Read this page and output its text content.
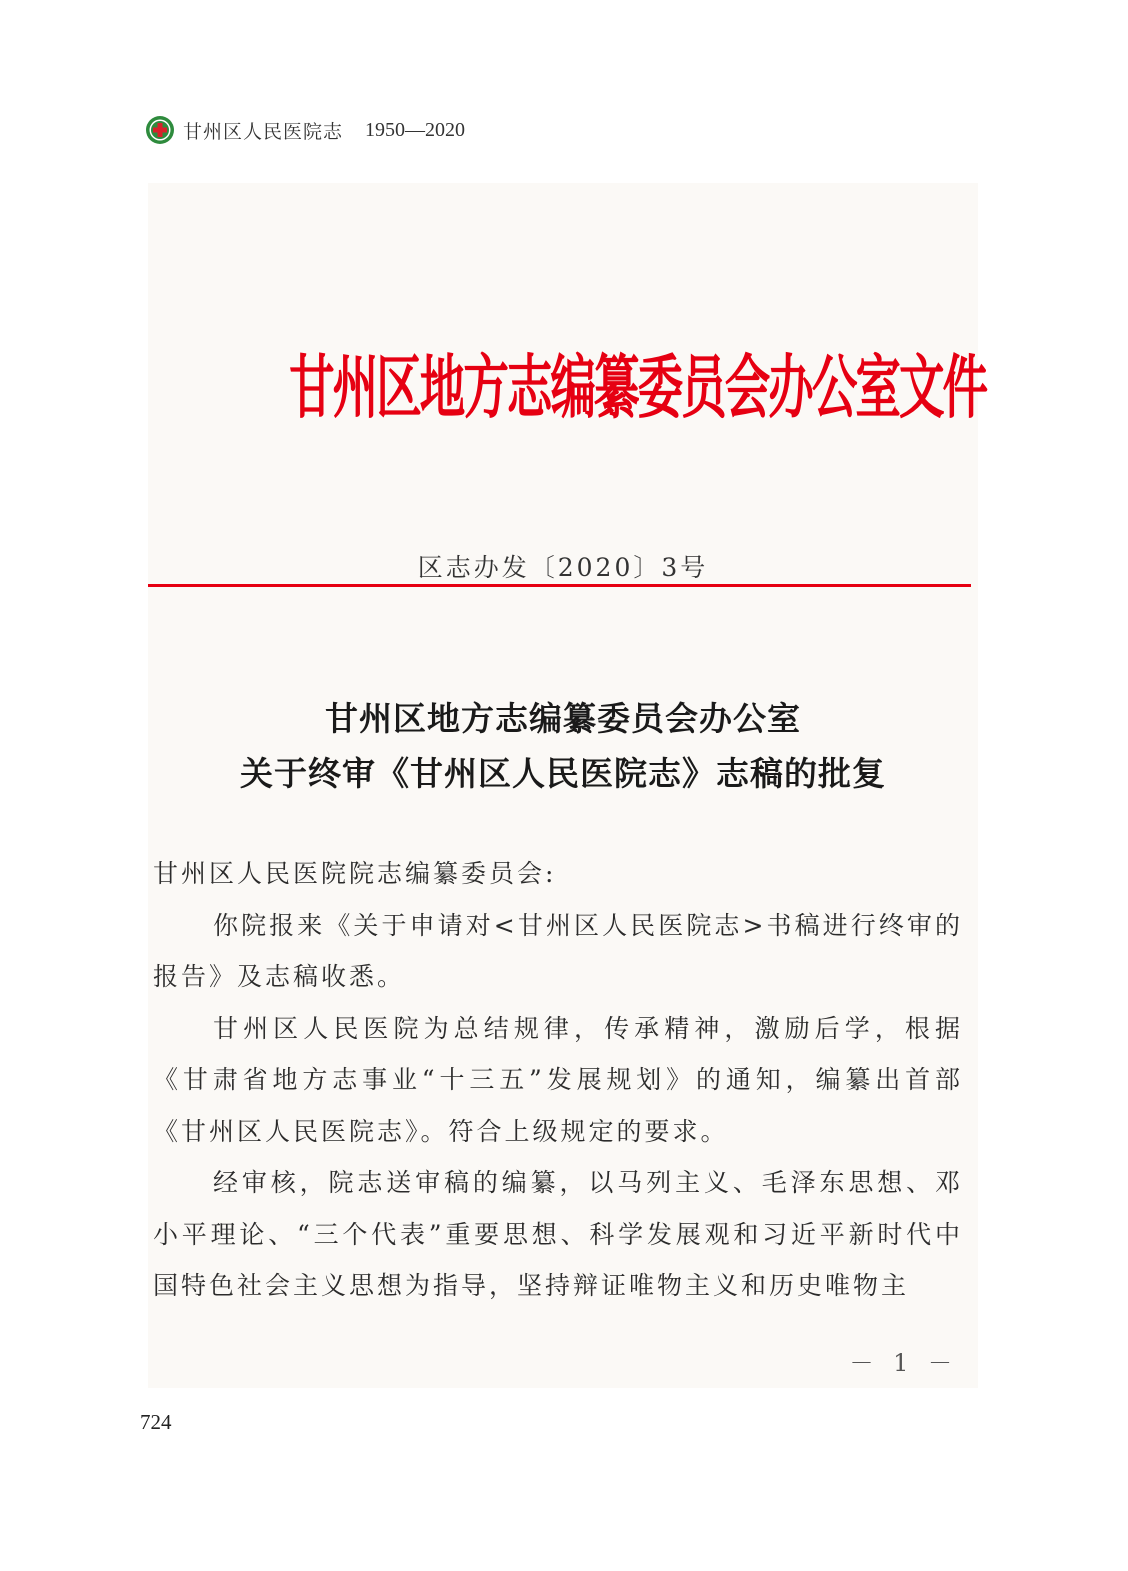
甘州区人民医院志 1950—2020
甘州区地方志编纂委员会办公室文件
区志办发〔2020〕3号
甘州区地方志编纂委员会办公室
关于终审《甘州区人民医院志》志稿的批复

甘州区人民医院院志编纂委员会:

你院报来《关于申请对<甘州区人民医院志>书稿进行终审的报告》及志稿收悉。

甘州区人民医院为总结规律，传承精神，激励后学，根据《甘肃省地方志事业“十三五”发展规划》的通知，编纂出首部《甘州区人民医院志》。符合上级规定的要求。

经审核，院志送审稿的编纂，以马列主义、毛泽东思想、邓小平理论、“三个代表”重要思想、科学发展观和习近平新时代中国特色社会主义思想为指导，坚持辩证唯物主义和历史唯物主

－ 1 －
724
